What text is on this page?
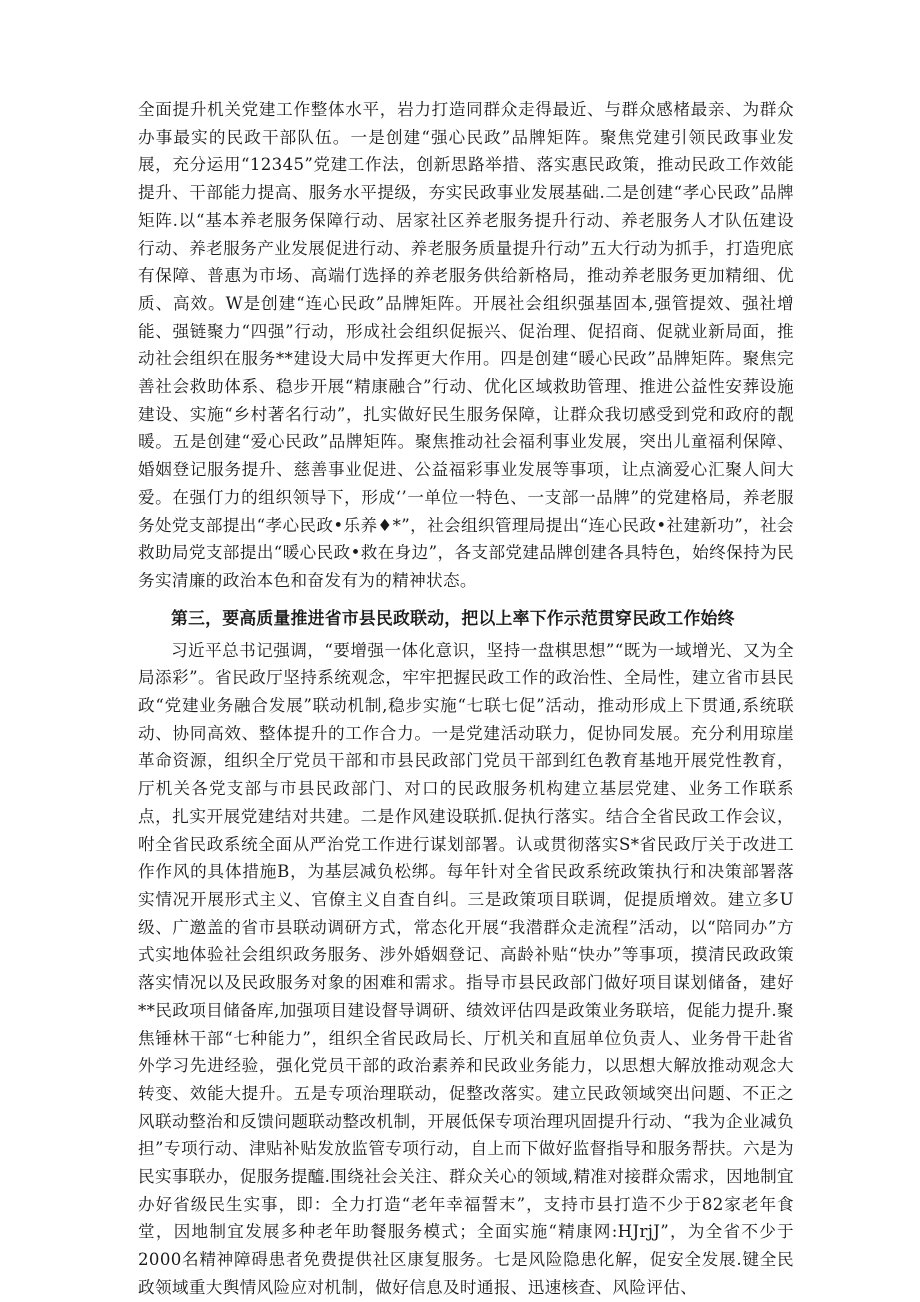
全面提升机关党建工作整体水平，岩力打造同群众走得最近、与群众感楮最亲、为群众办事最实的民政干部队伍。一是创建“强心民政”品牌矩阵。聚焦党建引领民政事业发展，充分运用“12345”党建工作法，创新思路举措、落实惠民政策，推动民政工作效能提升、干部能力提高、服务水平提级，夯实民政事业发展基础.二是创建“孝心民政”品牌矩阵.以“基本养老服务保障行动、居家社区养老服务提升行动、养老服务人才队伍建设行动、养老服务产业发展促进行动、养老服务质量提升行动”五大行动为抓手，打造兜底有保障、普惠为市场、高端仃选择的养老服务供给新格局，推动养老服务更加精细、优质、高效。W是创建“连心民政”品牌矩阵。开展社会组织强基固本,强管提效、强社增能、强链聚力“四强”行动，形成社会组织促振兴、促治理、促招商、促就业新局面，推动社会组织在服务**建设大局中发挥更大作用。四是创建“暖心民政”品牌矩阵。聚焦完善社会救助体系、稳步开展“精康融合”行动、优化区域救助管理、推进公益性安葬设施建设、实施“乡村著名行动”，扎实做好民生服务保障，让群众我切感受到党和政府的靓暖。五是创建“爱心民政”品牌矩阵。聚焦推动社会福利事业发展，突出儿童福利保障、婚姻登记服务提升、慈善事业促进、公益福彩事业发展等事项，让点滴爱心汇聚人间大爱。在强仃力的组织领导下，形成‘’一单位一特色、一支部一品牌”的党建格局，养老服务处党支部提出“孝心民政•乐养♦*”，社会组织管理局提出“连心民政•社建新功”，社会救助局党支部提出“暖心民政•救在身边”，各支部党建品牌创建各具特色，始终保持为民务实清廉的政治本色和奋发有为的精神状态。

第三，要高质量推进省市县民政联动，把以上率下作示范贯穿民政工作始终

习近平总书记强调，“要增强一体化意识，坚持一盘棋思想”“既为一域增光、又为全局添彩”。省民政厅坚持系统观念，牢牢把握民政工作的政治性、全局性，建立省市县民政“党建业务融合发展”联动机制,稳步实施“七联七促”活动，推动形成上下贯通,系统联动、协同高效、整体提升的工作合力。一是党建活动联力，促协同发展。充分利用琼崖革命资源，组织全厅党员干部和市县民政部门党员干部到红色教育基地开展党性教育，厅机关各党支部与市县民政部门、对口的民政服务机构建立基层党建、业务工作联系点，扎实开展党建结对共建。二是作风建设联抓.促执行落实。结合全省民政工作会议，咐全省民政系统全面从严治党工作进行谋划部署。认或贯彻落实S*省民政厅关于改进工作作风的具体措施B，为基层减负松绑。每年针对全省民政系统政策执行和决策部署落实情况开展形式主义、官僚主义自査自纠。三是政策项目联调，促提质增效。建立多U级、广邀盖的省市县联动调研方式，常态化开展“我潜群众走流程”活动，以“陪同办”方式实地体验社会组织政务服务、涉外婚姻登记、高龄补贴“快办”等事项，摸清民政政策落实情况以及民政服务对象的困难和需求。指导市县民政部门做好项目谋划储备，建好**民政项目储备库,加强项目建设督导调研、绩效评估四是政策业务联培，促能力提升.聚焦锤林干部“七种能力”，组织全省民政局长、厅机关和直屈单位负责人、业务骨干赴省外学习先进经验，强化党员干部的政治素养和民政业务能力，以思想大解放推动观念大转变、效能大提升。五是专项治理联动，促整改落实。建立民政领域突出问题、不正之风联动整治和反馈问题联动整改机制，开展低保专项治理巩固提升行动、“我为企业减负担”专项行动、津贴补贴发放监管专项行动，自上而下做好监督指导和服务帮扶。六是为民实事联办，促服务提醯.围绕社会关注、群众关心的领域,精准对接群众需求，因地制宜办好省级民生实事，即：全力打造“老年幸福誓末”，支持市县打造不少于82家老年食堂，因地制宜发展多种老年助餐服务模式；全面实施“精康网:HJrjJ”，为全省不少于2000名精神障碍患者免费提供社区康复服务。七是风险隐患化解，促安全发展.键全民政领域重大舆情风险应对机制，做好信息及时通报、迅速核查、风险评估、
